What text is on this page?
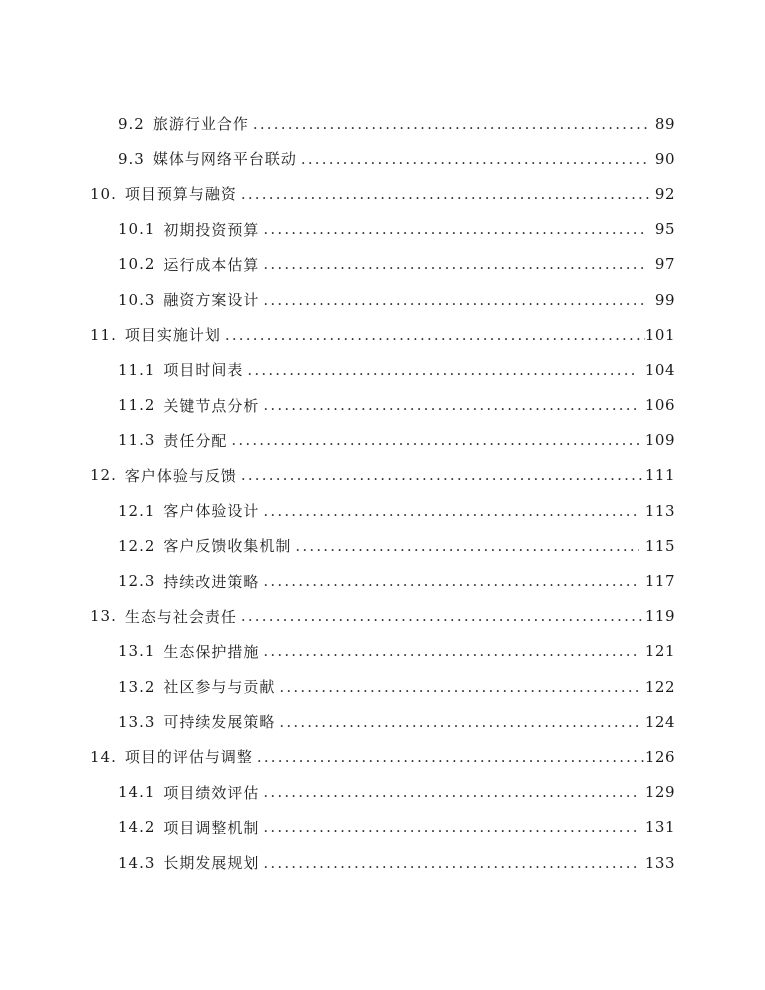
9.2 旅游行业合作 .....	89
9.3 媒体与网络平台联动 .....	90
10. 项目预算与融资 .....	92
10.1 初期投资预算 .....	95
10.2 运行成本估算 .....	97
10.3 融资方案设计 .....	99
11. 项目实施计划 .....	101
11.1 项目时间表 .....	104
11.2 关键节点分析 .....	106
11.3 责任分配 .....	109
12. 客户体验与反馈 .....	111
12.1 客户体验设计 .....	113
12.2 客户反馈收集机制 .....	115
12.3 持续改进策略 .....	117
13. 生态与社会责任 .....	119
13.1 生态保护措施 .....	121
13.2 社区参与与贡献 .....	122
13.3 可持续发展策略 .....	124
14. 项目的评估与调整 .....	126
14.1 项目绩效评估 .....	129
14.2 项目调整机制 .....	131
14.3 长期发展规划 .....	133
